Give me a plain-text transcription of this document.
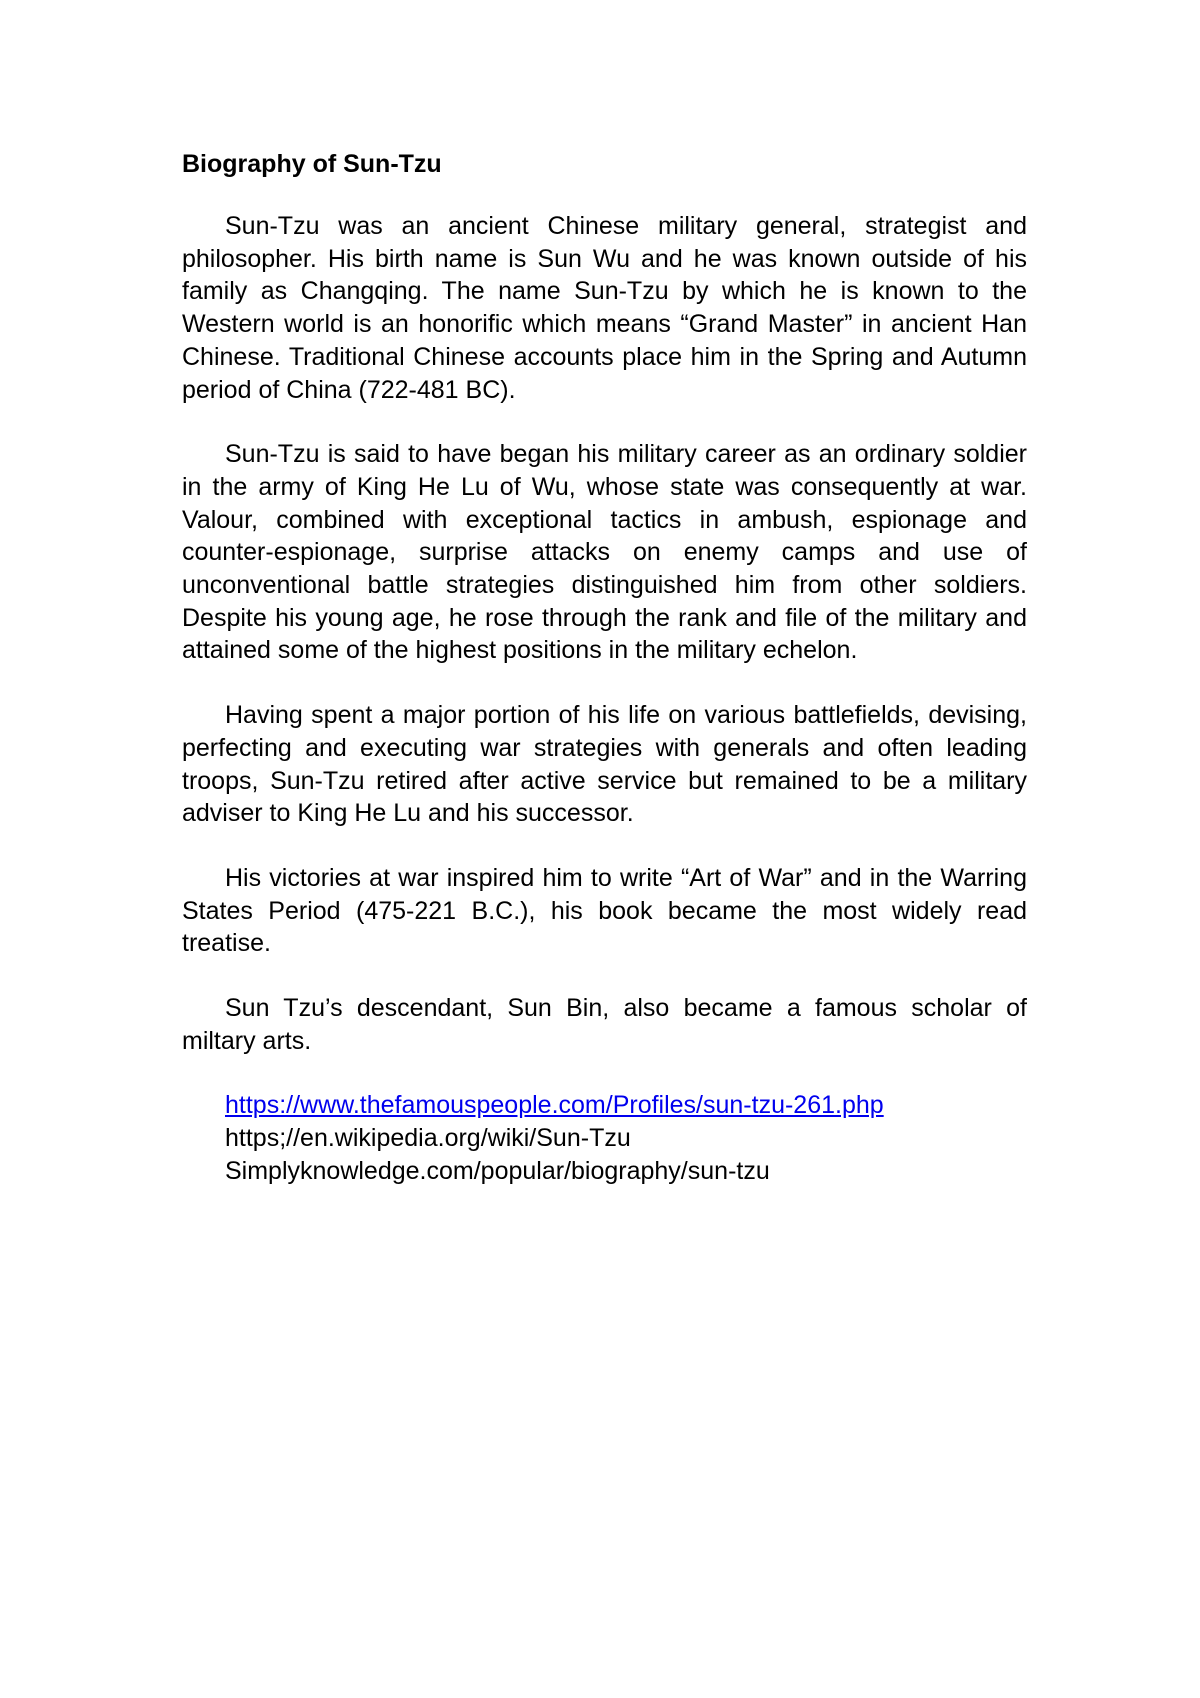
Biography of Sun-Tzu

Sun-Tzu was an ancient Chinese military general, strategist and philosopher. His birth name is Sun Wu and he was known outside of his family as Changqing. The name Sun-Tzu by which he is known to the Western world is an honorific which means “Grand Master” in ancient Han Chinese. Traditional Chinese accounts place him in the Spring and Autumn period of China (722-481 BC).

Sun-Tzu is said to have began his military career as an ordinary soldier in the army of King He Lu of Wu, whose state was consequently at war. Valour, combined with exceptional tactics in ambush, espionage and counter-espionage, surprise attacks on enemy camps and use of unconventional battle strategies distinguished him from other soldiers. Despite his young age, he rose through the rank and file of the military and attained some of the highest positions in the military echelon.

Having spent a major portion of his life on various battlefields, devising, perfecting and executing war strategies with generals and often leading troops, Sun-Tzu retired after active service but remained to be a military adviser to King He Lu and his successor.

His victories at war inspired him to write “Art of War” and in the Warring States Period (475-221 B.C.), his book became the most widely read treatise.

Sun Tzu’s descendant, Sun Bin, also became a famous scholar of miltary arts.

https://www.thefamouspeople.com/Profiles/sun-tzu-261.php
https;//en.wikipedia.org/wiki/Sun-Tzu
Simplyknowledge.com/popular/biography/sun-tzu
